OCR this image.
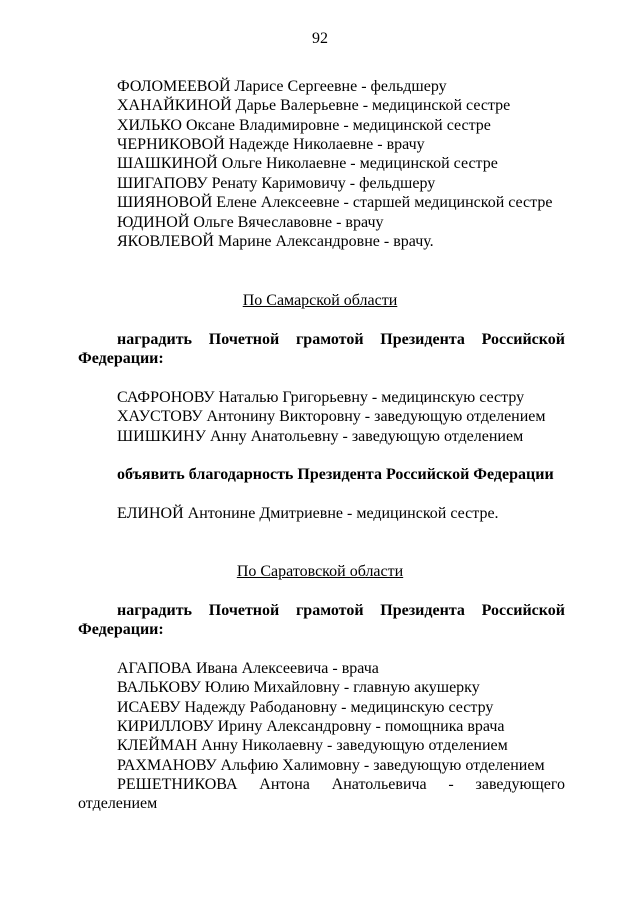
92
ФОЛОМЕЕВОЙ Ларисе Сергеевне - фельдшеру
ХАНАЙКИНОЙ Дарье Валерьевне - медицинской сестре
ХИЛЬКО Оксане Владимировне - медицинской сестре
ЧЕРНИКОВОЙ Надежде Николаевне - врачу
ШАШКИНОЙ Ольге Николаевне - медицинской сестре
ШИГАПОВУ Ренату Каримовичу - фельдшеру
ШИЯНОВОЙ Елене Алексеевне - старшей медицинской сестре
ЮДИНОЙ Ольге Вячеславовне - врачу
ЯКОВЛЕВОЙ Марине Александровне - врачу.
По Самарской области
наградить Почетной грамотой Президента Российской
Федерации:
САФРОНОВУ Наталью Григорьевну - медицинскую сестру
ХАУСТОВУ Антонину Викторовну - заведующую отделением
ШИШКИНУ Анну Анатольевну - заведующую отделением
объявить благодарность Президента Российской Федерации
ЕЛИНОЙ Антонине Дмитриевне - медицинской сестре.
По Саратовской области
наградить Почетной грамотой Президента Российской
Федерации:
АГАПОВА Ивана Алексеевича - врача
ВАЛЬКОВУ Юлию Михайловну - главную акушерку
ИСАЕВУ Надежду Рабодановну - медицинскую сестру
КИРИЛЛОВУ Ирину Александровну - помощника врача
КЛЕЙМАН Анну Николаевну - заведующую отделением
РАХМАНОВУ Альфию Халимовну - заведующую отделением
РЕШЕТНИКОВА Антона Анатольевича - заведующего
отделением
